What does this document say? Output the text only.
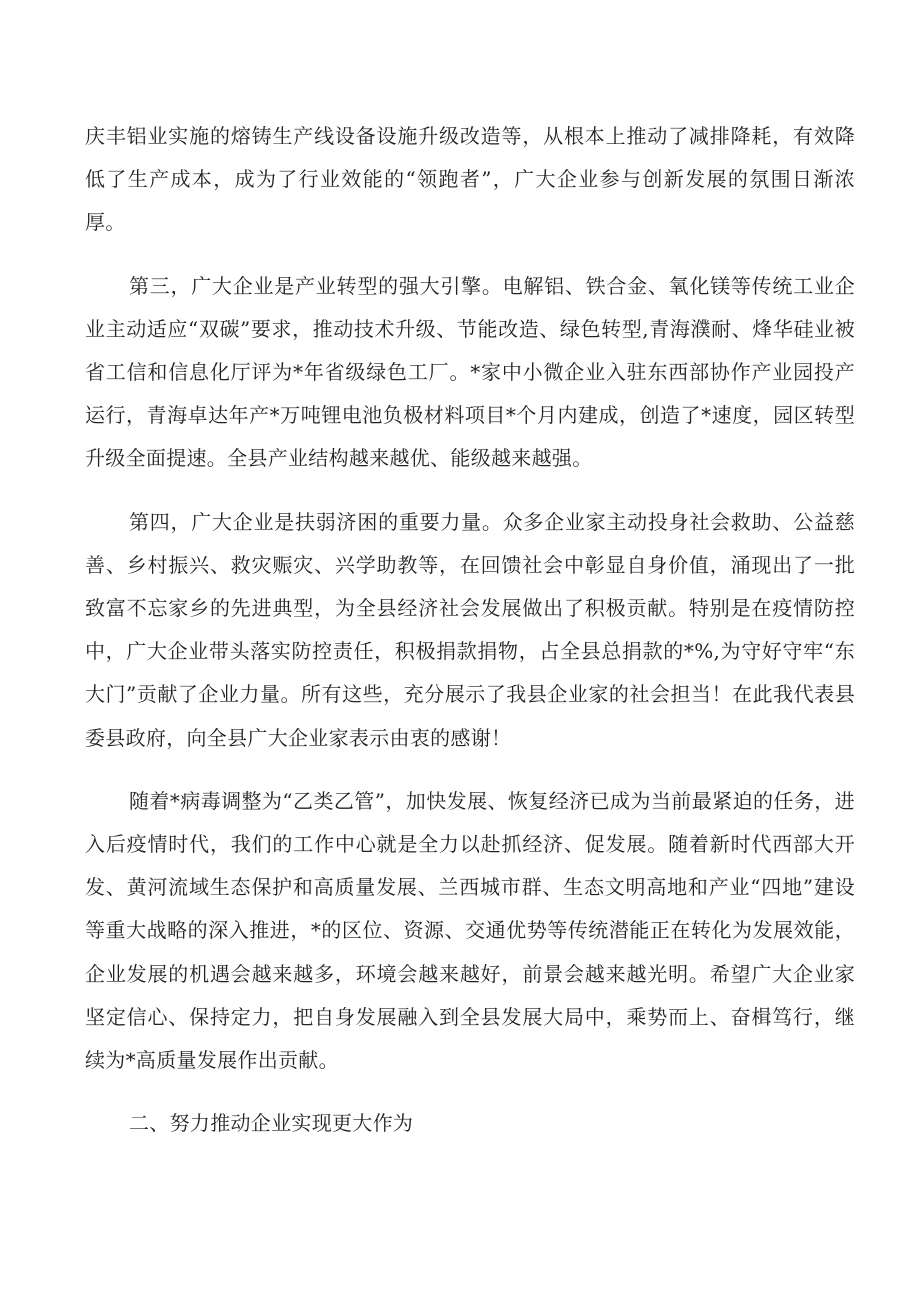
庆丰铝业实施的熔铸生产线设备设施升级改造等，从根本上推动了减排降耗，有效降低了生产成本，成为了行业效能的“领跑者”，广大企业参与创新发展的氛围日渐浓厚。

第三，广大企业是产业转型的强大引擎。电解铝、铁合金、氧化镁等传统工业企业主动适应“双碳”要求，推动技术升级、节能改造、绿色转型,青海濮耐、烽华硅业被省工信和信息化厅评为*年省级绿色工厂。*家中小微企业入驻东西部协作产业园投产运行，青海卓达年产*万吨锂电池负极材料项目*个月内建成，创造了*速度，园区转型升级全面提速。全县产业结构越来越优、能级越来越强。

第四，广大企业是扶弱济困的重要力量。众多企业家主动投身社会救助、公益慈善、乡村振兴、救灾赈灾、兴学助教等，在回馈社会中彰显自身价值，涌现出了一批致富不忘家乡的先进典型，为全县经济社会发展做出了积极贡献。特别是在疫情防控中，广大企业带头落实防控责任，积极捐款捐物，占全县总捐款的*%,为守好守牢“东大门”贡献了企业力量。所有这些，充分展示了我县企业家的社会担当！在此我代表县委县政府，向全县广大企业家表示由衷的感谢！

随着*病毒调整为“乙类乙管”，加快发展、恢复经济已成为当前最紧迫的任务，进入后疫情时代，我们的工作中心就是全力以赴抓经济、促发展。随着新时代西部大开发、黄河流域生态保护和高质量发展、兰西城市群、生态文明高地和产业“四地”建设等重大战略的深入推进，*的区位、资源、交通优势等传统潜能正在转化为发展效能，企业发展的机遇会越来越多，环境会越来越好，前景会越来越光明。希望广大企业家坚定信心、保持定力，把自身发展融入到全县发展大局中，乘势而上、奋楫笃行，继续为*高质量发展作出贡献。

二、努力推动企业实现更大作为
